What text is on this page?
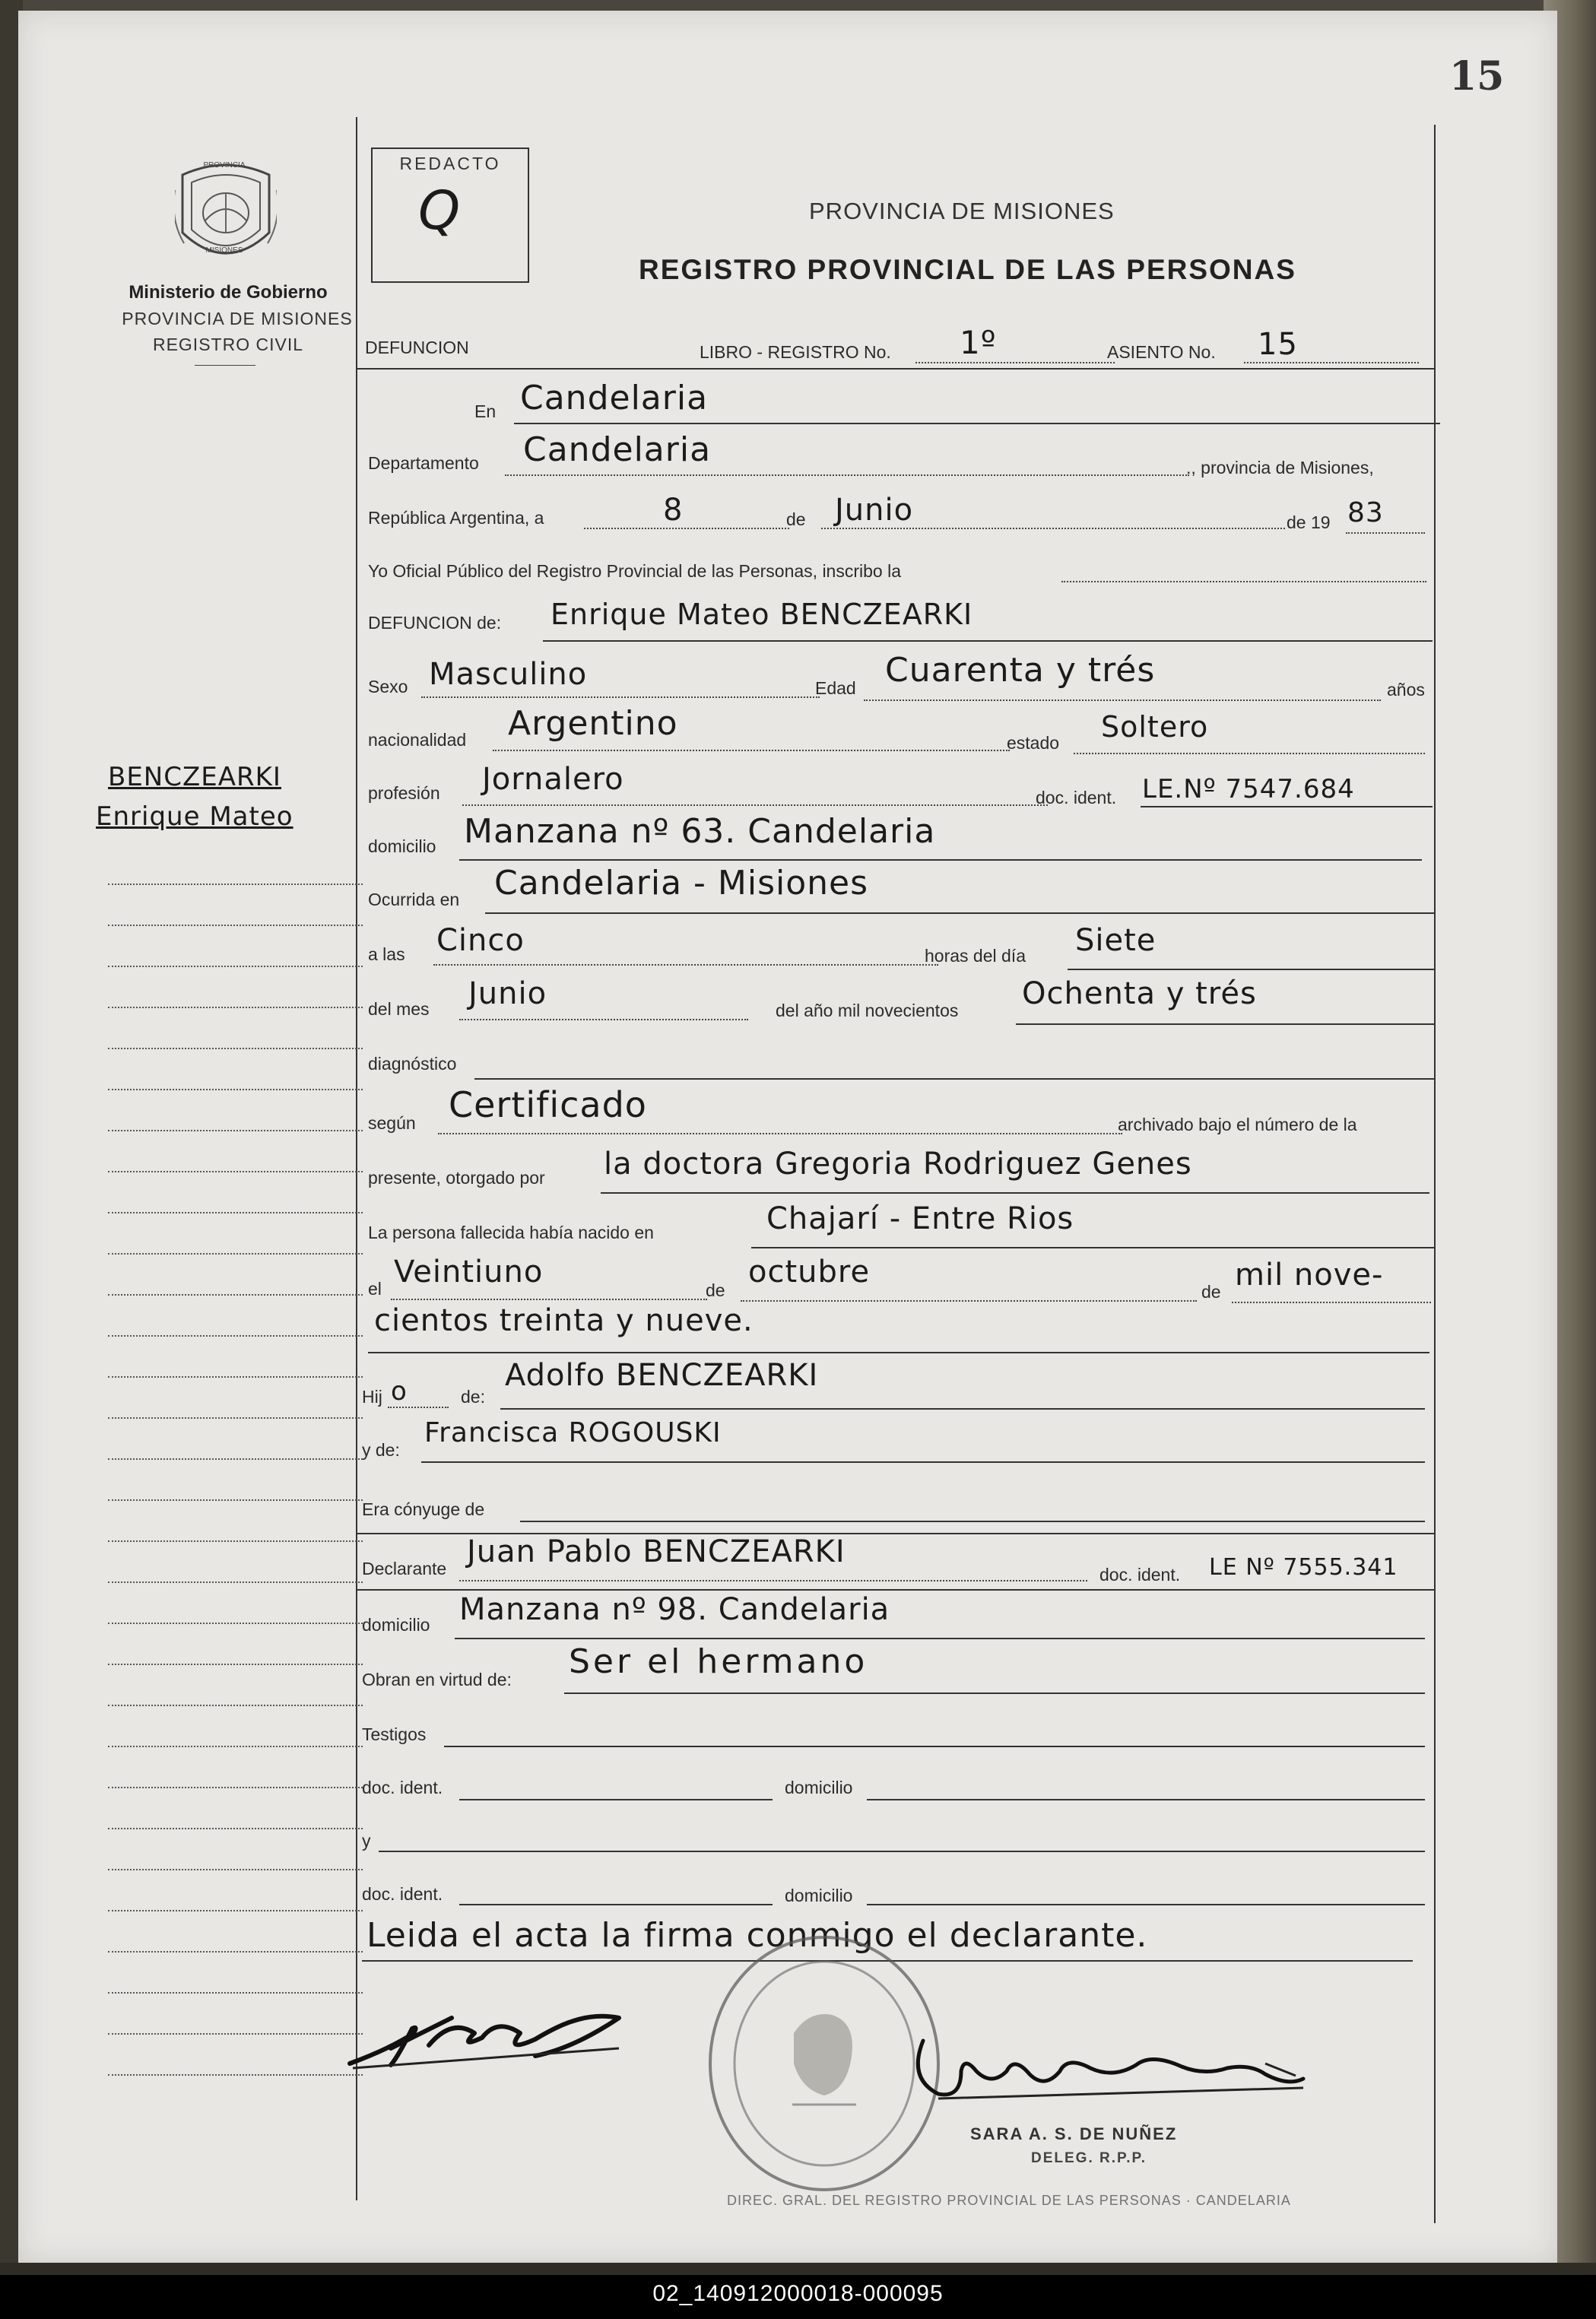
15
PROVINCIA
MISIONES
Ministerio de Gobierno
PROVINCIA DE MISIONES
REGISTRO CIVIL
REDACTO
Q	PROVINCIA DE MISIONES
REGISTRO PROVINCIAL DE LAS PERSONAS
DEFUNCION	LIBRO - REGISTRO No. 1º	ASIENTO No. 15
BENCZEARKI
Enrique Mateo
En Candelaria
Departamento Candelaria	., provincia de Misiones,
República Argentina, a	8	de Junio	de 19 83
Yo Oficial Público del Registro Provincial de las Personas, inscribo la
DEFUNCION de: Enrique Mateo BENCZEARKI
Sexo Masculino	Edad Cuarenta y trés	años
nacionalidad Argentino	estado Soltero
profesión Jornalero
doc. ident. LE.Nº 7547.684
domicilio Manzana nº 63. Candelaria
Ocurrida en Candelaria - Misiones
a las Cinco	horas del día Siete
del mes Junio	del año mil novecientos Ochenta y trés
diagnóstico
según Certificado	archivado bajo el número de la
presente, otorgado por la doctora Gregoria Rodriguez Genes
La persona fallecida había nacido en	Chajarí - Entre Rios
el Veintiuno
de
octubre
de mil nove-
cientos treinta y nueve.
Hij o	de:
Adolfo BENCZEARKI
y de:
Francisca ROGOUSKI
Era cónyuge de
Declarante Juan Pablo BENCZEARKI
doc. ident. LE Nº 7555.341
domicilio Manzana nº 98. Candelaria
Obran en virtud de: Ser el hermano
Testigos
doc. ident.	domicilio
y
doc. ident.	domicilio
Leida el acta la firma conmigo el declarante.
DIREC. GRAL. DEL REGISTRO PROVINCIAL DE LAS PERSONAS · CANDELARIA
SARA A. S. DE NUÑEZ
DELEG. R.P.P.
02_140912000018-000095
